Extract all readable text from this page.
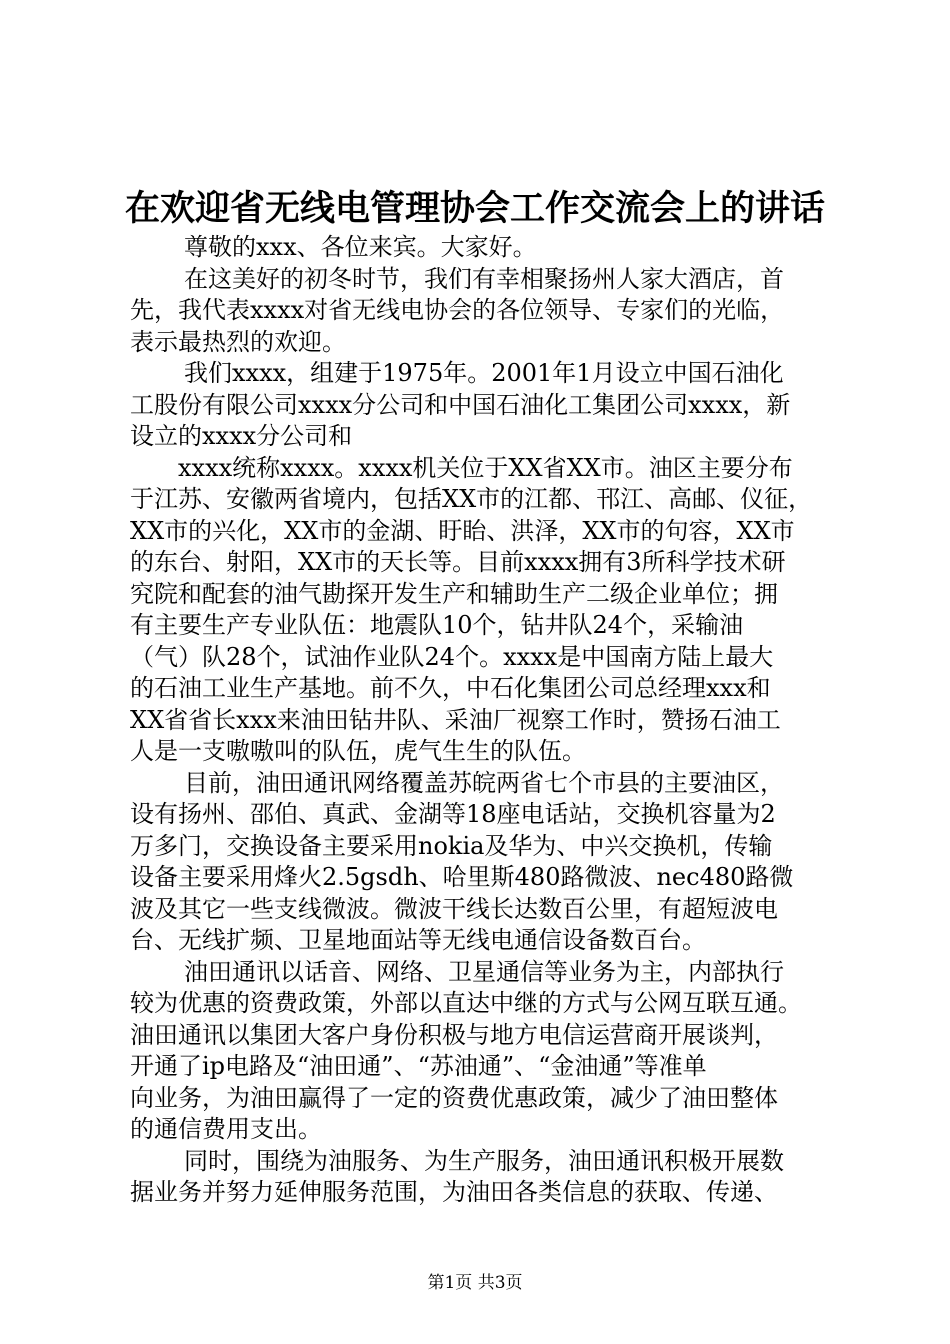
在欢迎省无线电管理协会工作交流会上的讲话

尊敬的xxx、各位来宾。大家好。

在这美好的初冬时节，我们有幸相聚扬州人家大酒店，首
先，我代表xxxx对省无线电协会的各位领导、专家们的光临，
表示最热烈的欢迎。

我们xxxx，组建于1975年。2001年1月设立中国石油化
工股份有限公司xxxx分公司和中国石油化工集团公司xxxx，新
设立的xxxx分公司和

xxxx统称xxxx。xxxx机关位于XX省XX市。油区主要分布
于江苏、安徽两省境内，包括XX市的江都、邗江、高邮、仪征，
XX市的兴化，XX市的金湖、盱眙、洪泽，XX市的句容，XX市
的东台、射阳，XX市的天长等。目前xxxx拥有3所科学技术研
究院和配套的油气勘探开发生产和辅助生产二级企业单位；拥
有主要生产专业队伍：地震队10个，钻井队24个，采输油
（气）队28个，试油作业队24个。xxxx是中国南方陆上最大
的石油工业生产基地。前不久，中石化集团公司总经理xxx和
XX省省长xxx来油田钻井队、采油厂视察工作时，赞扬石油工
人是一支嗷嗷叫的队伍，虎气生生的队伍。

目前，油田通讯网络覆盖苏皖两省七个市县的主要油区，
设有扬州、邵伯、真武、金湖等18座电话站，交换机容量为2
万多门，交换设备主要采用nokia及华为、中兴交换机，传输
设备主要采用烽火2.5gsdh、哈里斯480路微波、nec480路微
波及其它一些支线微波。微波干线长达数百公里，有超短波电
台、无线扩频、卫星地面站等无线电通信设备数百台。

油田通讯以话音、网络、卫星通信等业务为主，内部执行
较为优惠的资费政策，外部以直达中继的方式与公网互联互通。
油田通讯以集团大客户身份积极与地方电信运营商开展谈判，
开通了ip电路及“油田通”、“苏油通”、“金油通”等准单
向业务，为油田赢得了一定的资费优惠政策，减少了油田整体
的通信费用支出。

同时，围绕为油服务、为生产服务，油田通讯积极开展数
据业务并努力延伸服务范围，为油田各类信息的获取、传递、

第1页 共3页
